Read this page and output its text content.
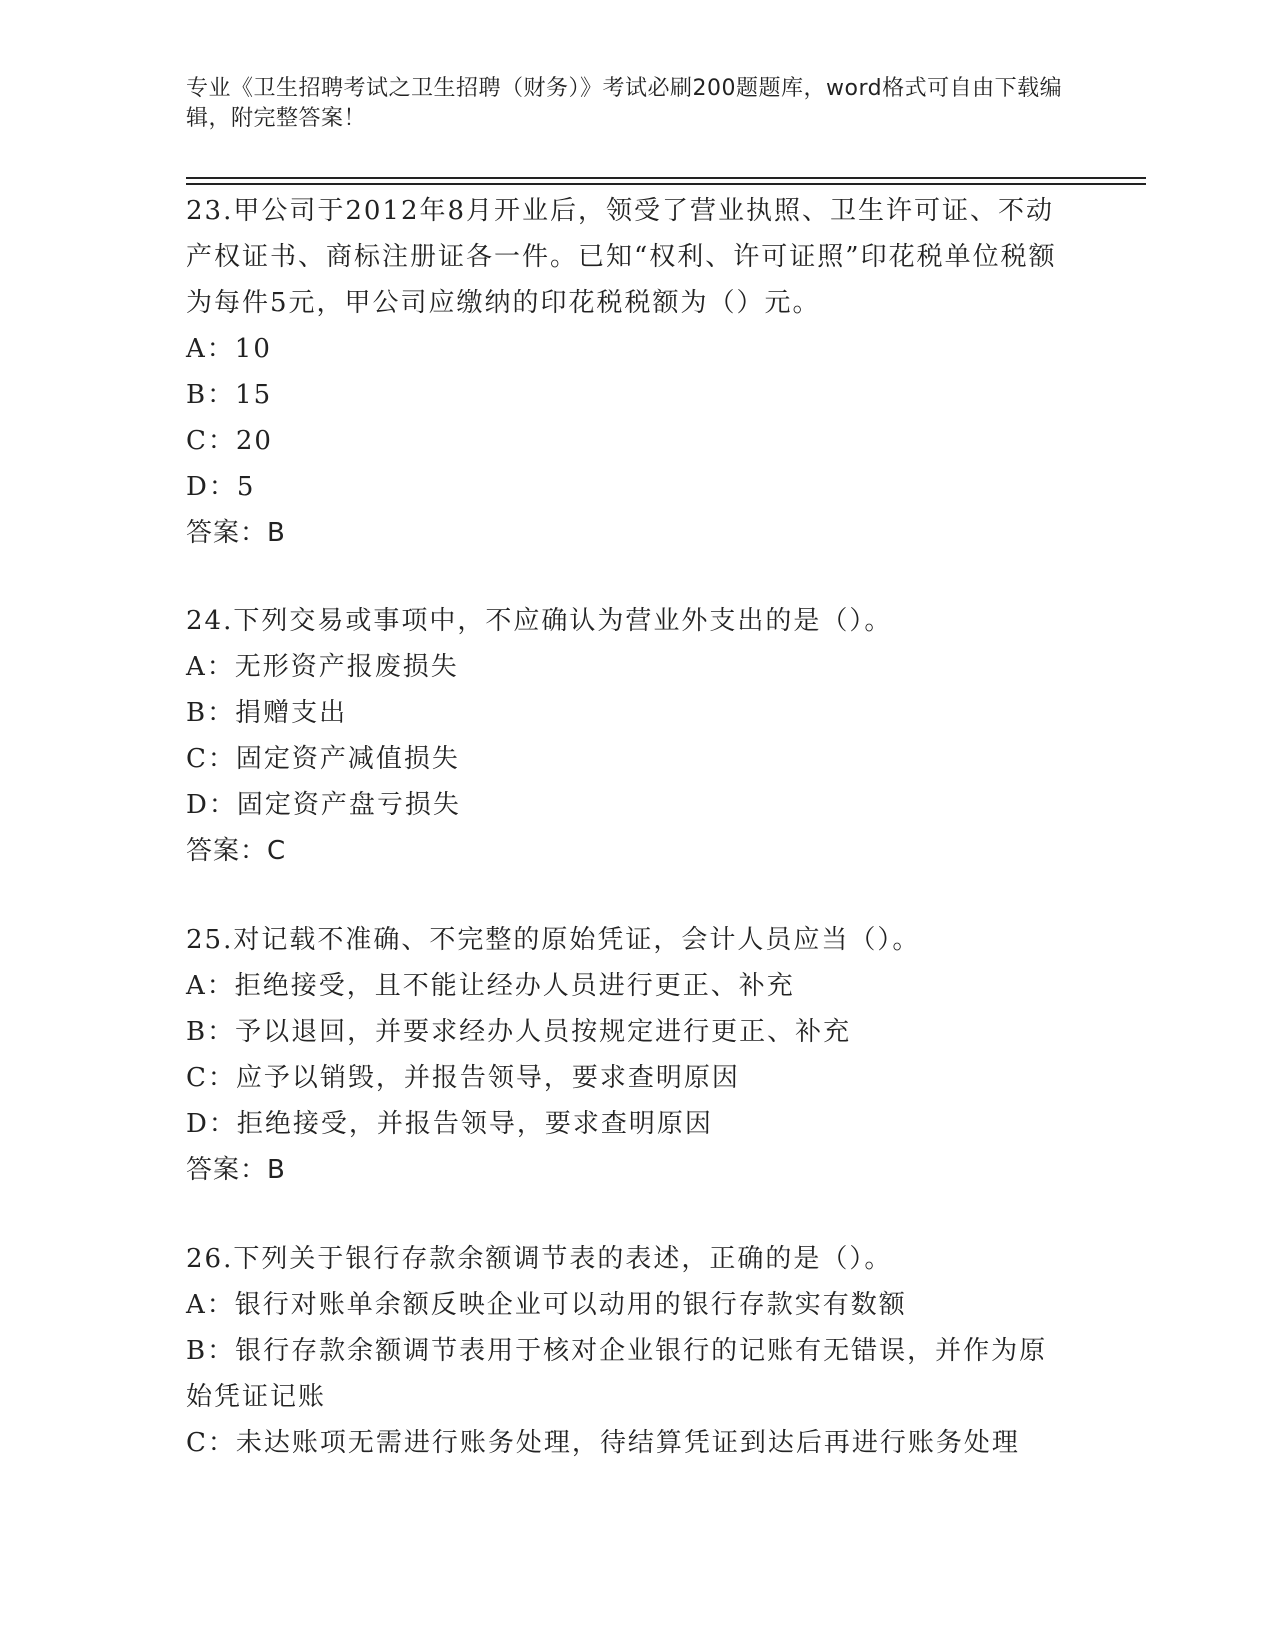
专业《卫生招聘考试之卫生招聘（财务）》考试必刷200题题库，word格式可自由下载编辑，附完整答案！

23.甲公司于2012年8月开业后，领受了营业执照、卫生许可证、不动产权证书、商标注册证各一件。已知“权利、许可证照”印花税单位税额为每件5元，甲公司应缴纳的印花税税额为（）元。

A：10

B：15

C：20

D：5

答案：B

24.下列交易或事项中，不应确认为营业外支出的是（）。

A：无形资产报废损失

B：捐赠支出

C：固定资产减值损失

D：固定资产盘亏损失

答案：C

25.对记载不准确、不完整的原始凭证，会计人员应当（）。

A：拒绝接受，且不能让经办人员进行更正、补充

B：予以退回，并要求经办人员按规定进行更正、补充

C：应予以销毁，并报告领导，要求查明原因

D：拒绝接受，并报告领导，要求查明原因

答案：B

26.下列关于银行存款余额调节表的表述，正确的是（）。

A：银行对账单余额反映企业可以动用的银行存款实有数额

B：银行存款余额调节表用于核对企业银行的记账有无错误，并作为原始凭证记账

C：未达账项无需进行账务处理，待结算凭证到达后再进行账务处理
